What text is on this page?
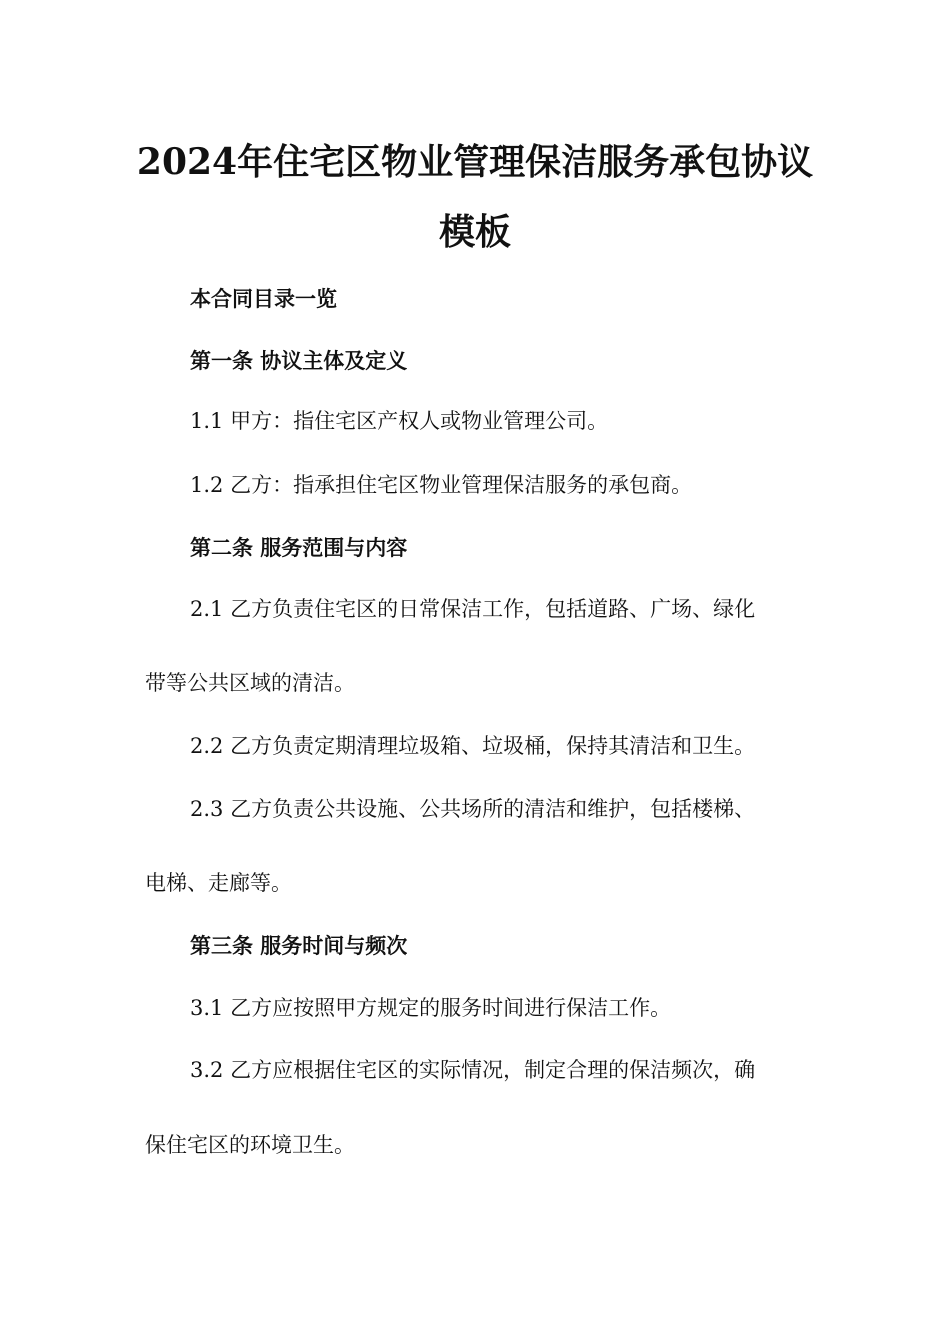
2024年住宅区物业管理保洁服务承包协议
模板
本合同目录一览
第一条 协议主体及定义
1.1 甲方：指住宅区产权人或物业管理公司。
1.2 乙方：指承担住宅区物业管理保洁服务的承包商。
第二条 服务范围与内容
2.1 乙方负责住宅区的日常保洁工作，包括道路、广场、绿化
带等公共区域的清洁。
2.2 乙方负责定期清理垃圾箱、垃圾桶，保持其清洁和卫生。
2.3 乙方负责公共设施、公共场所的清洁和维护，包括楼梯、
电梯、走廊等。
第三条 服务时间与频次
3.1 乙方应按照甲方规定的服务时间进行保洁工作。
3.2 乙方应根据住宅区的实际情况，制定合理的保洁频次，确
保住宅区的环境卫生。
